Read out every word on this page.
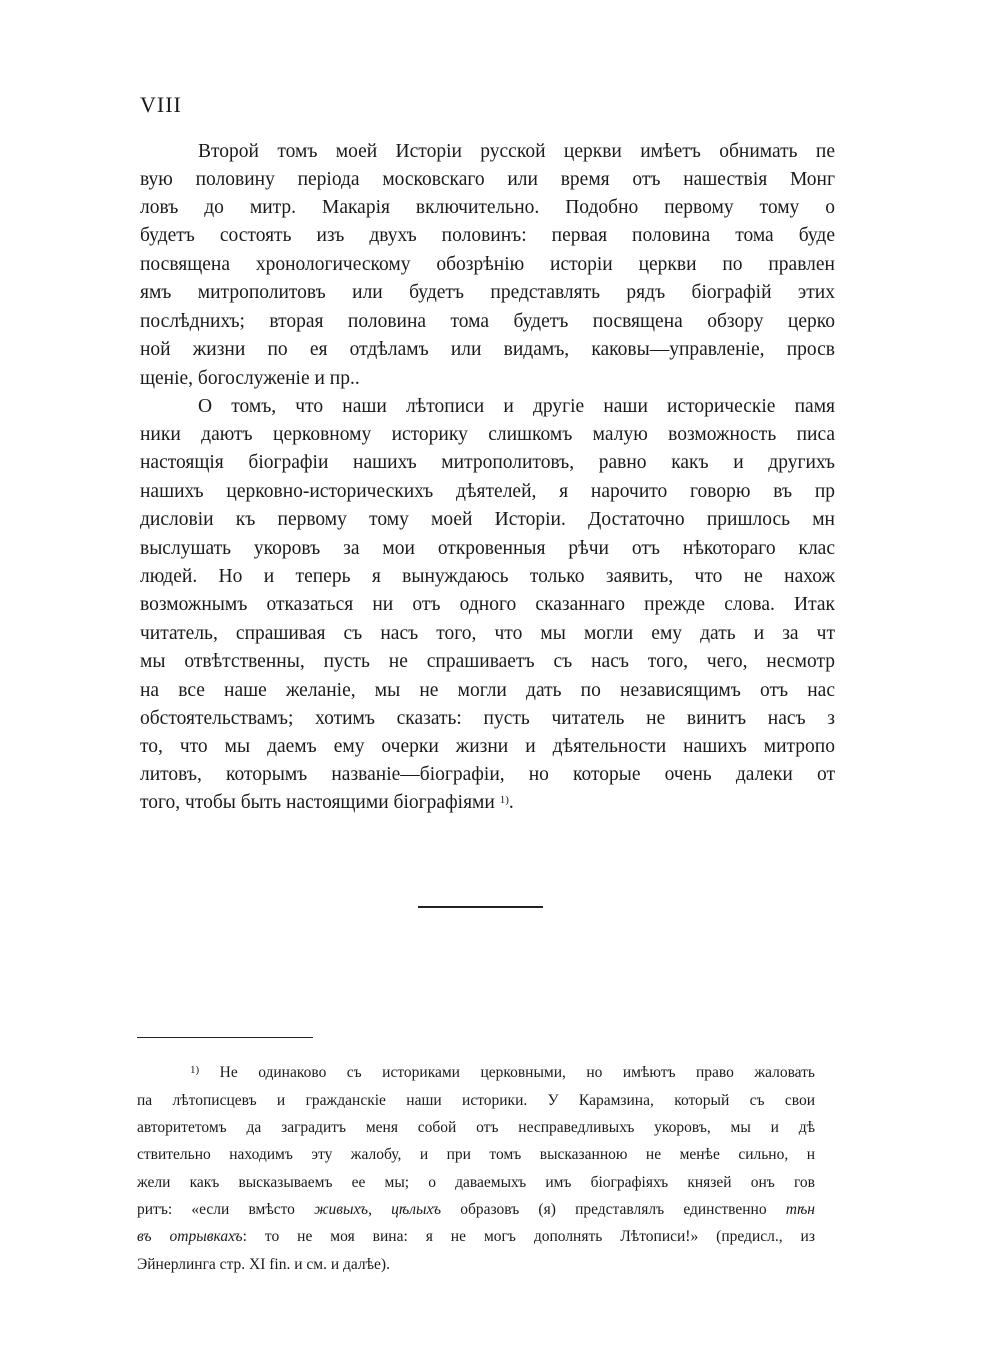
VIII
Второй томъ моей Исторіи русской церкви имѣетъ обнимать пе
вую половину періода московскаго или время отъ нашествія Монг
ловъ до митр. Макарія включительно. Подобно первому тому о
будетъ состоять изъ двухъ половинъ: первая половина тома буде
посвящена хронологическому обозрѣнію исторіи церкви по правлен
ямъ митрополитовъ или будетъ представлять рядъ біографій этих
послѣднихъ; вторая половина тома будетъ посвящена обзору церко
ной жизни по ея отдѣламъ или видамъ, каковы—управленіе, просв
щеніе, богослуженіе и пр..
О томъ, что наши лѣтописи и другіе наши историческіе памя
ники даютъ церковному историку слишкомъ малую возможность писа
настоящія біографіи нашихъ митрополитовъ, равно какъ и другихъ
нашихъ церковно-историческихъ дѣятелей, я нарочито говорю въ пр
дисловіи къ первому тому моей Исторіи. Достаточно пришлось мн
выслушать укоровъ за мои откровенныя рѣчи отъ нѣкотораго клас
людей. Но и теперь я вынуждаюсь только заявить, что не нахож
возможнымъ отказаться ни отъ одного сказаннаго прежде слова. Итак
читатель, спрашивая съ насъ того, что мы могли ему дать и за чт
мы отвѣтственны, пусть не спрашиваетъ съ насъ того, чего, несмотр
на все наше желаніе, мы не могли дать по независящимъ отъ нас
обстоятельствамъ; хотимъ сказать: пусть читатель не винитъ насъ з
то, что мы даемъ ему очерки жизни и дѣятельности нашихъ митропо
литовъ, которымъ названіе—біографіи, но которые очень далеки от
того, чтобы быть настоящими біографіями $^{1)}$.
$^{1)}$ Не одинаково съ историками церковными, но имѣютъ право жаловать
па лѣтописцевъ и гражданскіе наши историки. У Карамзина, который съ свои
авторитетомъ да заградитъ меня собой отъ несправедливыхъ укоровъ, мы и дѣ
ствительно находимъ эту жалобу, и при томъ высказанною не менѣе сильно, н
жели какъ высказываемъ ее мы; о даваемыхъ имъ біографіяхъ князей онъ гов
ритъ: «если вмѣсто живыхъ, цѣлыхъ образовъ (я) представлялъ единственно тѣн
въ отрывкахъ: то не моя вина: я не могъ дополнять Лѣтописи!» (предисл., из
Эйнерлинга стр. XI fin. и см. и далѣе).
